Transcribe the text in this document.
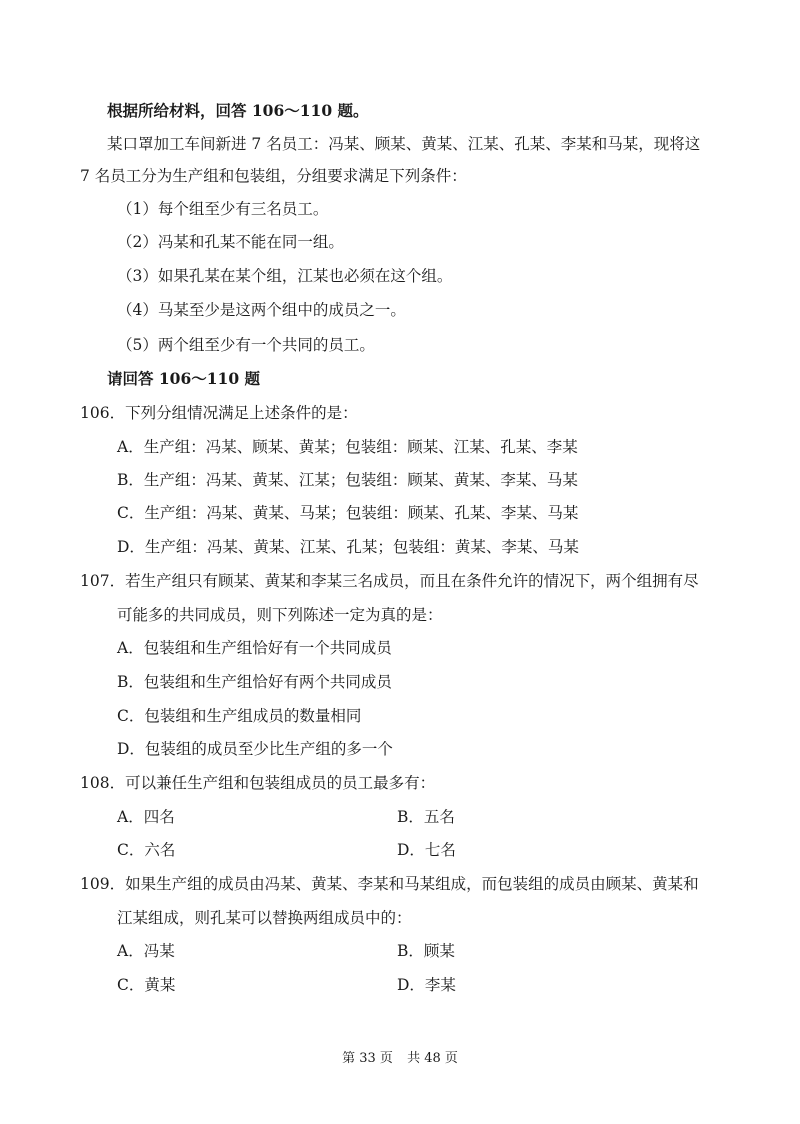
根据所给材料，回答 106～110 题。
某口罩加工车间新进 7 名员工：冯某、顾某、黄某、江某、孔某、李某和马某，现将这
7 名员工分为生产组和包装组，分组要求满足下列条件：
（1）每个组至少有三名员工。
（2）冯某和孔某不能在同一组。
（3）如果孔某在某个组，江某也必须在这个组。
（4）马某至少是这两个组中的成员之一。
（5）两个组至少有一个共同的员工。
请回答 106～110 题
106．下列分组情况满足上述条件的是：
A．生产组：冯某、顾某、黄某；包装组：顾某、江某、孔某、李某
B．生产组：冯某、黄某、江某；包装组：顾某、黄某、李某、马某
C．生产组：冯某、黄某、马某；包装组：顾某、孔某、李某、马某
D．生产组：冯某、黄某、江某、孔某；包装组：黄某、李某、马某
107．若生产组只有顾某、黄某和李某三名成员，而且在条件允许的情况下，两个组拥有尽
可能多的共同成员，则下列陈述一定为真的是：
A．包装组和生产组恰好有一个共同成员
B．包装组和生产组恰好有两个共同成员
C．包装组和生产组成员的数量相同
D．包装组的成员至少比生产组的多一个
108．可以兼任生产组和包装组成员的员工最多有：
A．四名	B．五名
C．六名	D．七名
109．如果生产组的成员由冯某、黄某、李某和马某组成，而包装组的成员由顾某、黄某和
江某组成，则孔某可以替换两组成员中的：
A．冯某	B．顾某
C．黄某	D．李某
第 33 页 共 48 页
